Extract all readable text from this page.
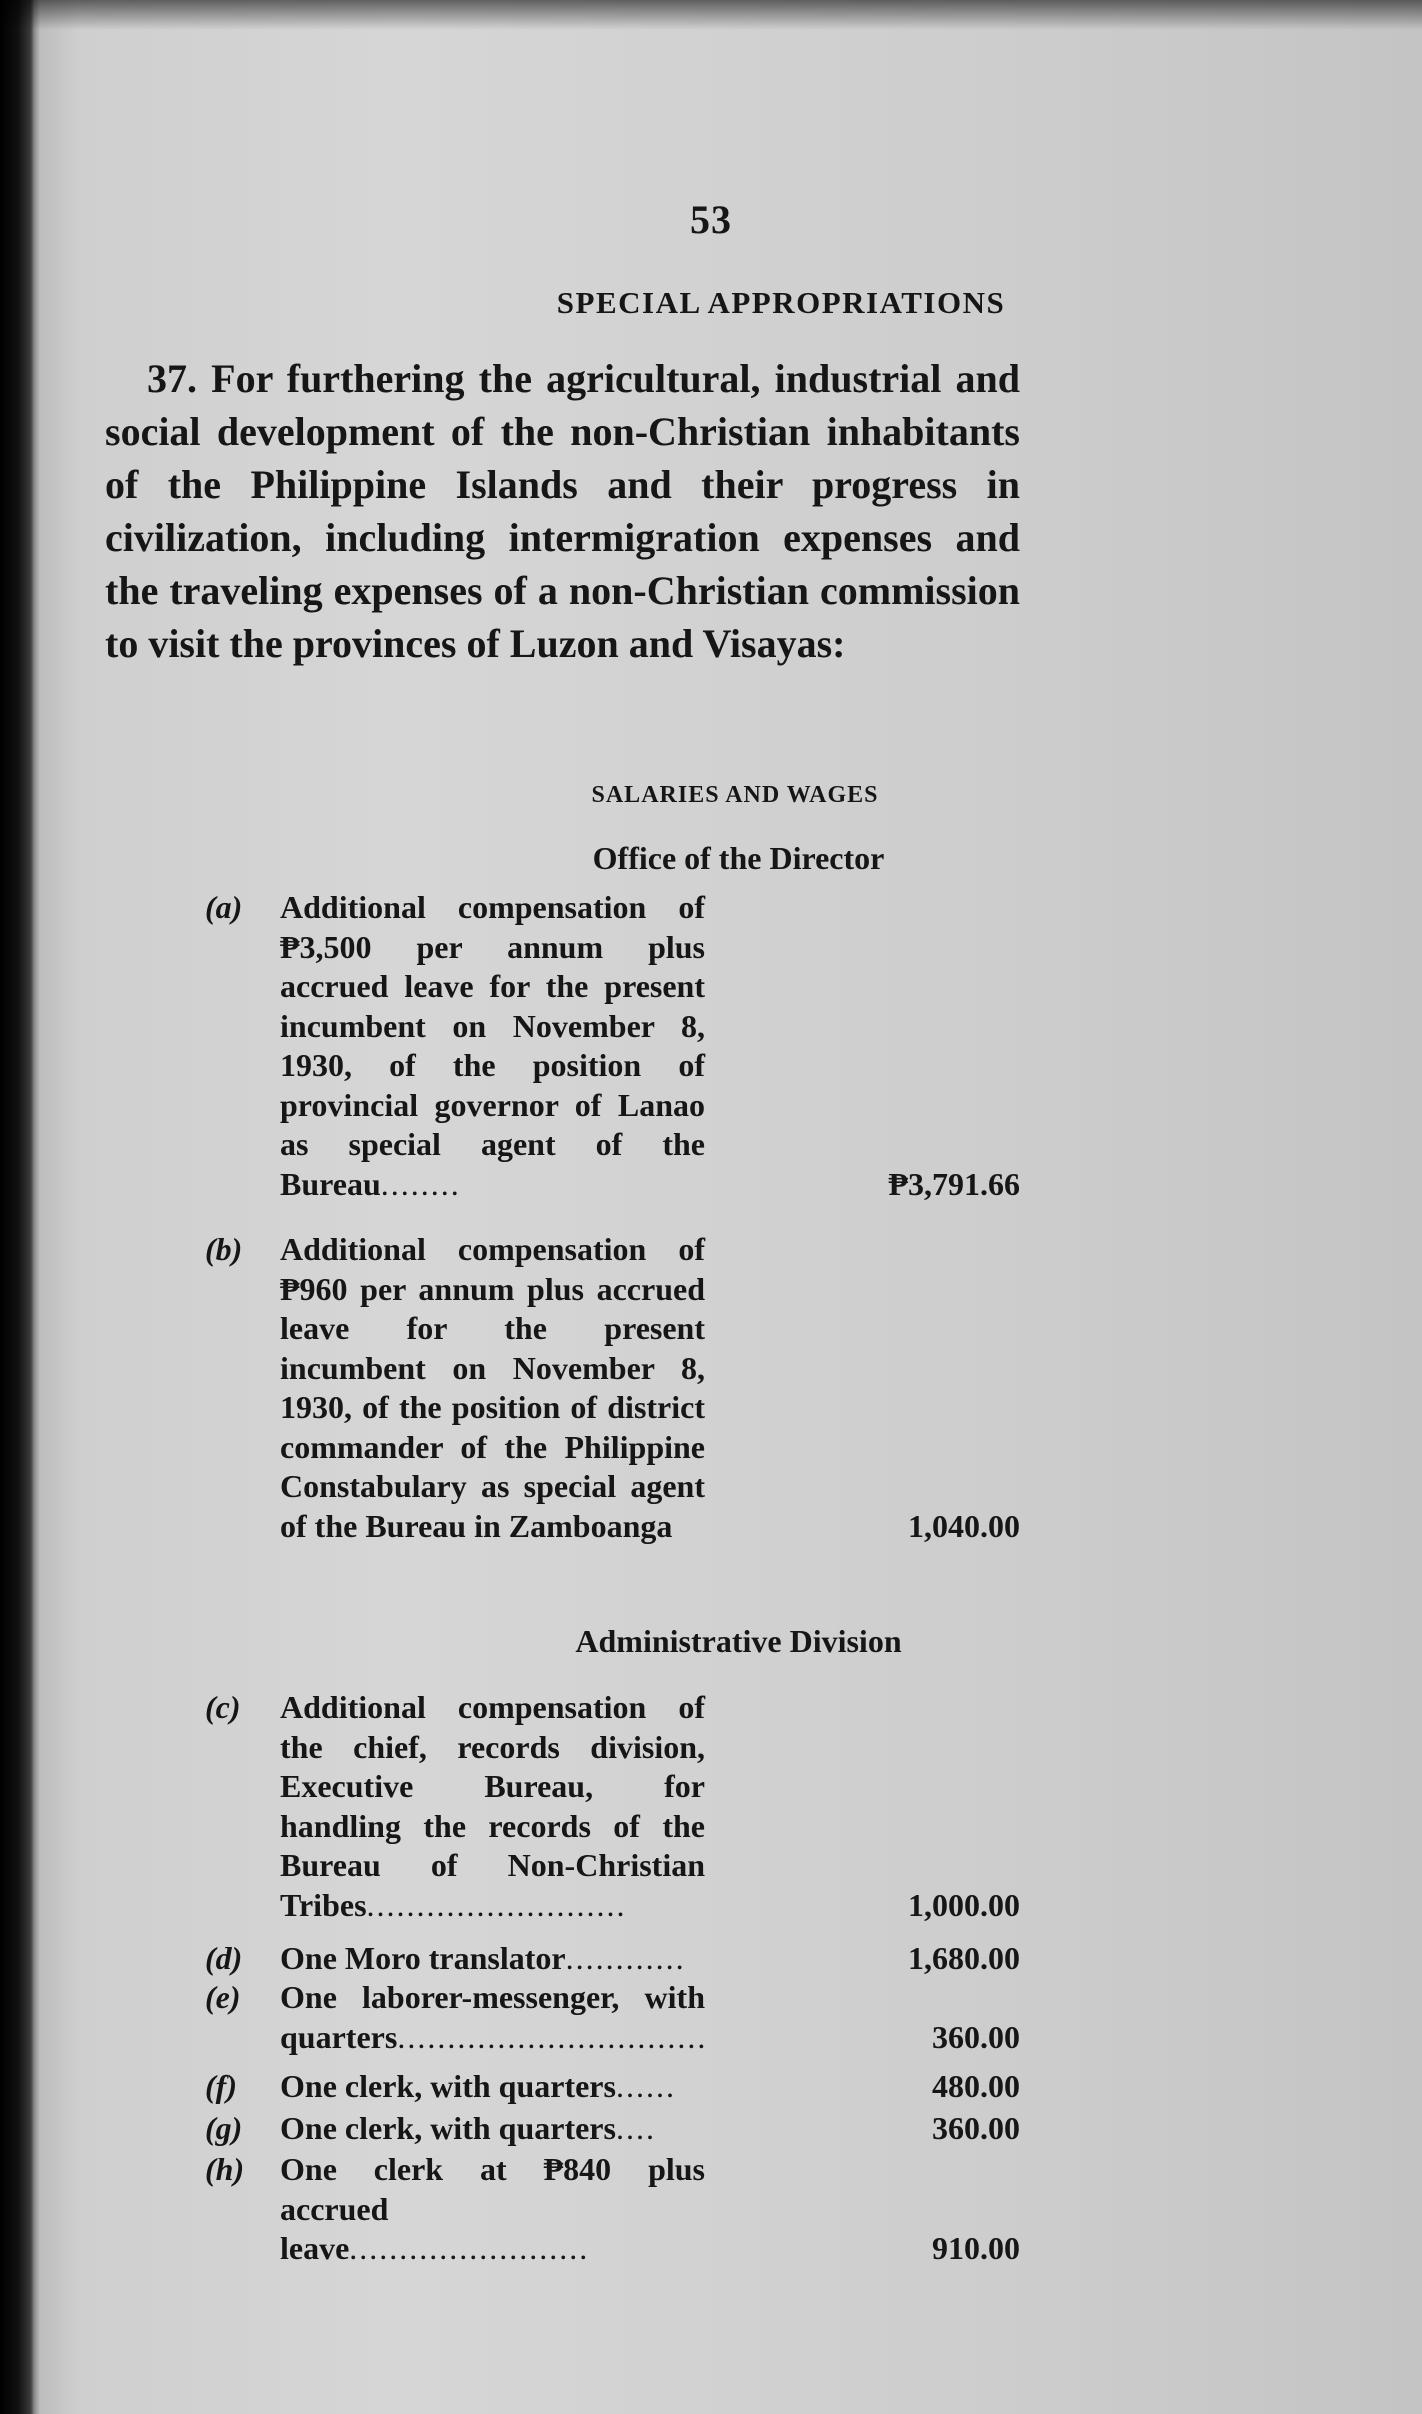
53
SPECIAL APPROPRIATIONS
37. For furthering the agricultural, industrial and social development of the non-Christian inhabitants of the Philippine Islands and their progress in civilization, including intermigration expenses and the traveling expenses of a non-Christian commission to visit the provinces of Luzon and Visayas:
SALARIES AND WAGES
Office of the Director
(a) Additional compensation of ₱3,500 per annum plus accrued leave for the present incumbent on November 8, 1930, of the position of provincial governor of Lanao as special agent of the Bureau........	₱3,791.66
(b) Additional compensation of ₱960 per annum plus accrued leave for the present incumbent on November 8, 1930, of the position of district commander of the Philippine Constabulary as special agent of the Bureau in Zamboanga	1,040.00
Administrative Division
(c) Additional compensation of the chief, records division, Executive Bureau, for handling the records of the Bureau of Non-Christian Tribes..........................	1,000.00
(d) One Moro translator............	1,680.00
(e) One laborer-messenger, with quarters...............................	360.00
(f) One clerk, with quarters......	480.00
(g) One clerk, with quarters....	360.00
(h) One clerk at ₱840 plus accrued leave........................	910.00
